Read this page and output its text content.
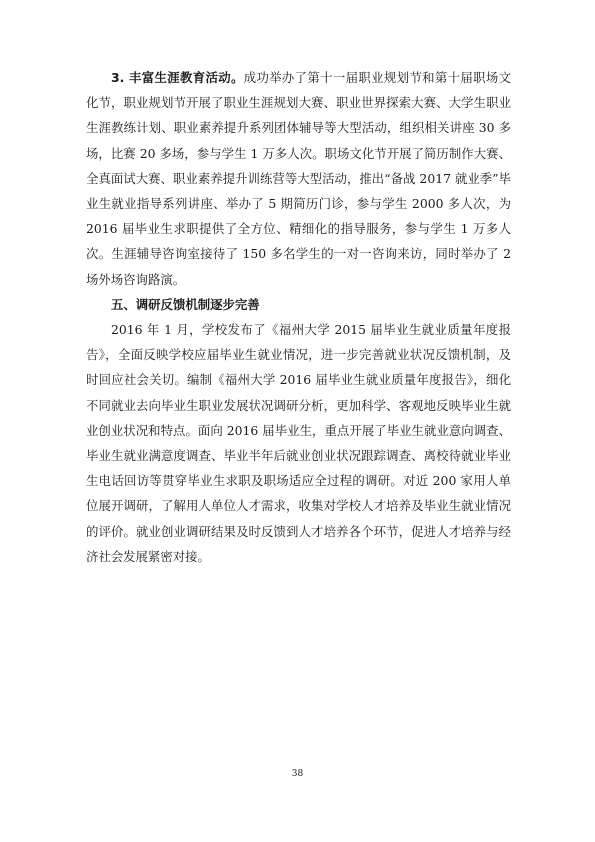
3. 丰富生涯教育活动。成功举办了第十一届职业规划节和第十届职场文化节，职业规划节开展了职业生涯规划大赛、职业世界探索大赛、大学生职业生涯教练计划、职业素养提升系列团体辅导等大型活动，组织相关讲座 30 多场，比赛 20 多场，参与学生 1 万多人次。职场文化节开展了简历制作大赛、全真面试大赛、职业素养提升训练营等大型活动，推出“备战 2017 就业季”毕业生就业指导系列讲座、举办了 5 期简历门诊，参与学生 2000 多人次，为 2016 届毕业生求职提供了全方位、精细化的指导服务，参与学生 1 万多人次。生涯辅导咨询室接待了 150 多名学生的一对一咨询来访，同时举办了 2 场外场咨询路演。

五、调研反馈机制逐步完善

2016 年 1 月，学校发布了《福州大学 2015 届毕业生就业质量年度报告》，全面反映学校应届毕业生就业情况，进一步完善就业状况反馈机制，及时回应社会关切。编制《福州大学 2016 届毕业生就业质量年度报告》，细化不同就业去向毕业生职业发展状况调研分析，更加科学、客观地反映毕业生就业创业状况和特点。面向 2016 届毕业生，重点开展了毕业生就业意向调查、毕业生就业满意度调查、毕业半年后就业创业状况跟踪调查、离校待就业毕业生电话回访等贯穿毕业生求职及职场适应全过程的调研。对近 200 家用人单位展开调研，了解用人单位人才需求，收集对学校人才培养及毕业生就业情况的评价。就业创业调研结果及时反馈到人才培养各个环节，促进人才培养与经济社会发展紧密对接。

38
